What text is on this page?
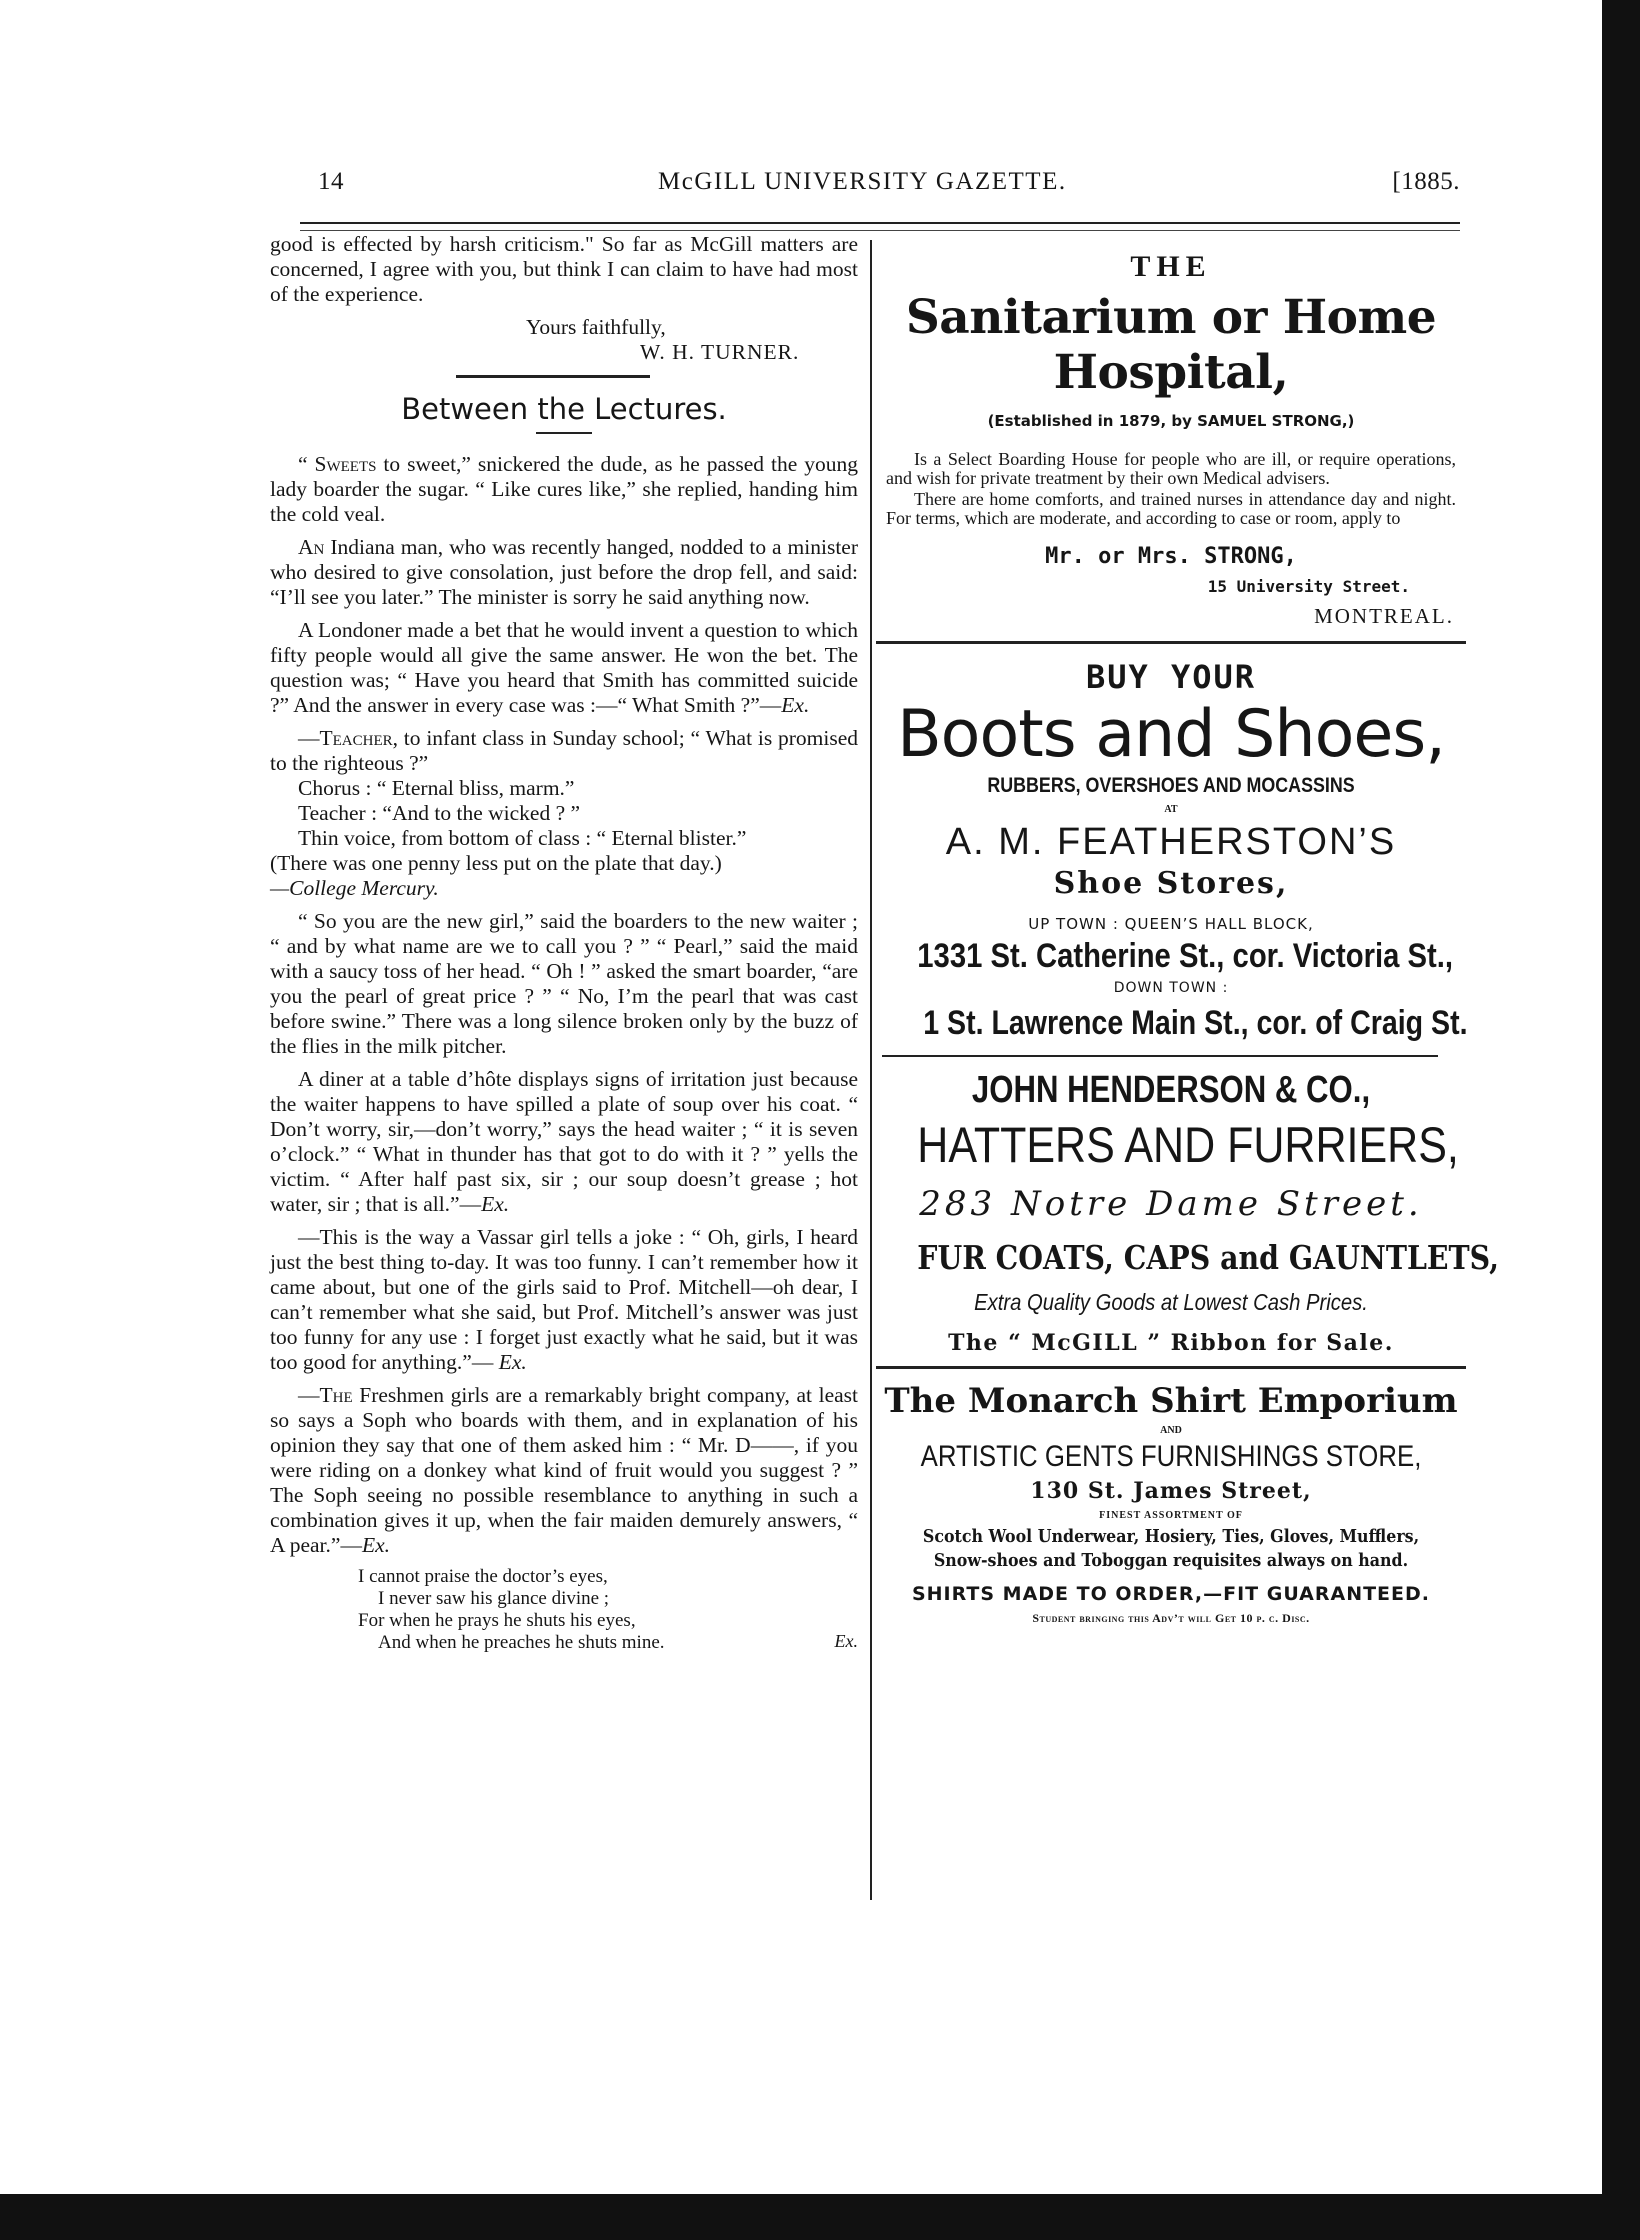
14	McGILL UNIVERSITY GAZETTE.	[1885.

good is effected by harsh criticism." So far as McGill matters are concerned, I agree with you, but think I can claim to have had most of the experience.

Yours faithfully,

W. H. TURNER.

Between the Lectures.

“ Sweets to sweet,” snickered the dude, as he passed the young lady boarder the sugar. “ Like cures like,” she replied, handing him the cold veal.

An Indiana man, who was recently hanged, nodded to a minister who desired to give consolation, just before the drop fell, and said: “I’ll see you later.” The minister is sorry he said anything now.

A Londoner made a bet that he would invent a question to which fifty people would all give the same answer. He won the bet. The question was; “ Have you heard that Smith has committed suicide ?” And the answer in every case was :—“ What Smith ?”—Ex.

—Teacher, to infant class in Sunday school; “ What is promised to the righteous ?”

Chorus : “ Eternal bliss, marm.”

Teacher : “And to the wicked ? ”

Thin voice, from bottom of class : “ Eternal blister.”

(There was one penny less put on the plate that day.)

—College Mercury.

“ So you are the new girl,” said the boarders to the new waiter ; “ and by what name are we to call you ? ” “ Pearl,” said the maid with a saucy toss of her head. “ Oh ! ” asked the smart boarder, “are you the pearl of great price ? ” “ No, I’m the pearl that was cast before swine.” There was a long silence broken only by the buzz of the flies in the milk pitcher.

A diner at a table d’hôte displays signs of irritation just because the waiter happens to have spilled a plate of soup over his coat. “ Don’t worry, sir,—don’t worry,” says the head waiter ; “ it is seven o’clock.” “ What in thunder has that got to do with it ? ” yells the victim. “ After half past six, sir ; our soup doesn’t grease ; hot water, sir ; that is all.”—Ex.

—This is the way a Vassar girl tells a joke : “ Oh, girls, I heard just the best thing to-day. It was too funny. I can’t remember how it came about, but one of the girls said to Prof. Mitchell—oh dear, I can’t remember what she said, but Prof. Mitchell’s answer was just too funny for any use : I forget just exactly what he said, but it was too good for anything.”— Ex.

—The Freshmen girls are a remarkably bright company, at least so says a Soph who boards with them, and in explanation of his opinion they say that one of them asked him : “ Mr. D——, if you were riding on a donkey what kind of fruit would you suggest ? ” The Soph seeing no possible resemblance to anything in such a combination gives it up, when the fair maiden demurely answers, “ A pear.”—Ex.

I cannot praise the doctor’s eyes,
I never saw his glance divine ;
For when he prays he shuts his eyes,
And when he preaches he shuts mine.	Ex.
THE
Sanitarium or Home Hospital,
(Established in 1879, by SAMUEL STRONG,)

Is a Select Boarding House for people who are ill, or require operations, and wish for private treatment by their own Medical advisers.

There are home comforts, and trained nurses in attendance day and night. For terms, which are moderate, and according to case or room, apply to

Mr. or Mrs. STRONG,
15 University Street.
MONTREAL.
BUY YOUR
Boots and Shoes,
RUBBERS, OVERSHOES AND MOCASSINS
AT
A. M. FEATHERSTON’S
Shoe Stores,
UP TOWN : QUEEN’S HALL BLOCK,
1331 St. Catherine St., cor. Victoria St.,
DOWN TOWN :
1 St. Lawrence Main St., cor. of Craig St.
JOHN HENDERSON & CO.,
HATTERS AND FURRIERS,
283 Notre Dame Street.
FUR COATS, CAPS and GAUNTLETS,
Extra Quality Goods at Lowest Cash Prices.
The “ McGILL ” Ribbon for Sale.
The Monarch Shirt Emporium
AND
ARTISTIC GENTS FURNISHINGS STORE,
130 St. James Street,
FINEST ASSORTMENT OF
Scotch Wool Underwear, Hosiery, Ties, Gloves, Mufflers, Snow-shoes and Toboggan requisites always on hand.
SHIRTS MADE TO ORDER,—FIT GUARANTEED.
Student bringing this Adv’t will Get 10 p. c. Disc.
